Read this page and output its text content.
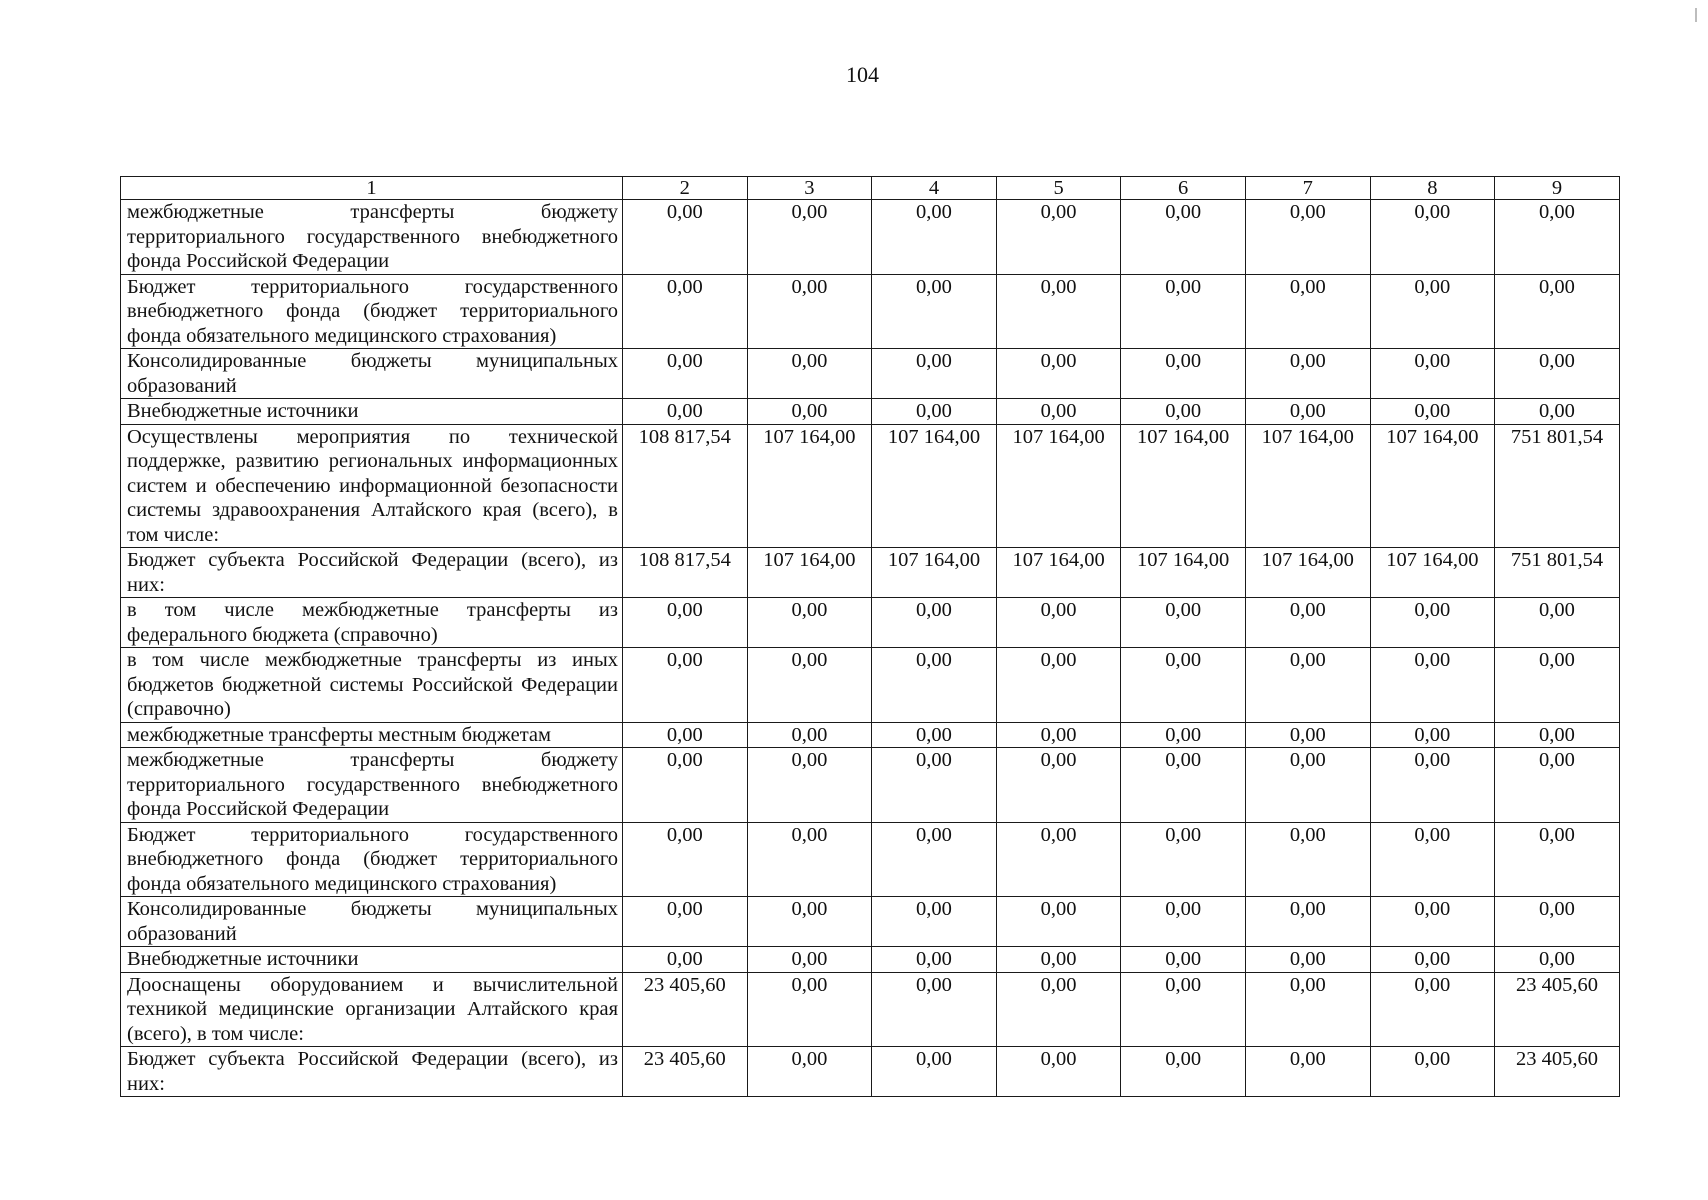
104
1	2	3	4	5	6	7	8	9
межбюджетные трансферты бюджету территориального государственного внебюджетного фонда Российской Федерации	0,00	0,00	0,00	0,00	0,00	0,00	0,00	0,00
Бюджет территориального государственного внебюджетного фонда (бюджет территориального фонда обязательного медицинского страхования)	0,00	0,00	0,00	0,00	0,00	0,00	0,00	0,00
Консолидированные бюджеты муниципальных образований	0,00	0,00	0,00	0,00	0,00	0,00	0,00	0,00
Внебюджетные источники	0,00	0,00	0,00	0,00	0,00	0,00	0,00	0,00
Осуществлены мероприятия по технической поддержке, развитию региональных информационных систем и обеспечению информационной безопасности системы здравоохранения Алтайского края (всего), в том числе:	108 817,54	107 164,00	107 164,00	107 164,00	107 164,00	107 164,00	107 164,00	751 801,54
Бюджет субъекта Российской Федерации (всего), из них:	108 817,54	107 164,00	107 164,00	107 164,00	107 164,00	107 164,00	107 164,00	751 801,54
в том числе межбюджетные трансферты из федерального бюджета (справочно)	0,00	0,00	0,00	0,00	0,00	0,00	0,00	0,00
в том числе межбюджетные трансферты из иных бюджетов бюджетной системы Российской Федерации (справочно)	0,00	0,00	0,00	0,00	0,00	0,00	0,00	0,00
межбюджетные трансферты местным бюджетам	0,00	0,00	0,00	0,00	0,00	0,00	0,00	0,00
межбюджетные трансферты бюджету территориального государственного внебюджетного фонда Российской Федерации	0,00	0,00	0,00	0,00	0,00	0,00	0,00	0,00
Бюджет территориального государственного внебюджетного фонда (бюджет территориального фонда обязательного медицинского страхования)	0,00	0,00	0,00	0,00	0,00	0,00	0,00	0,00
Консолидированные бюджеты муниципальных образований	0,00	0,00	0,00	0,00	0,00	0,00	0,00	0,00
Внебюджетные источники	0,00	0,00	0,00	0,00	0,00	0,00	0,00	0,00
Дооснащены оборудованием и вычислительной техникой медицинские организации Алтайского края (всего), в том числе:	23 405,60	0,00	0,00	0,00	0,00	0,00	0,00	23 405,60
Бюджет субъекта Российской Федерации (всего), из них:	23 405,60	0,00	0,00	0,00	0,00	0,00	0,00	23 405,60
